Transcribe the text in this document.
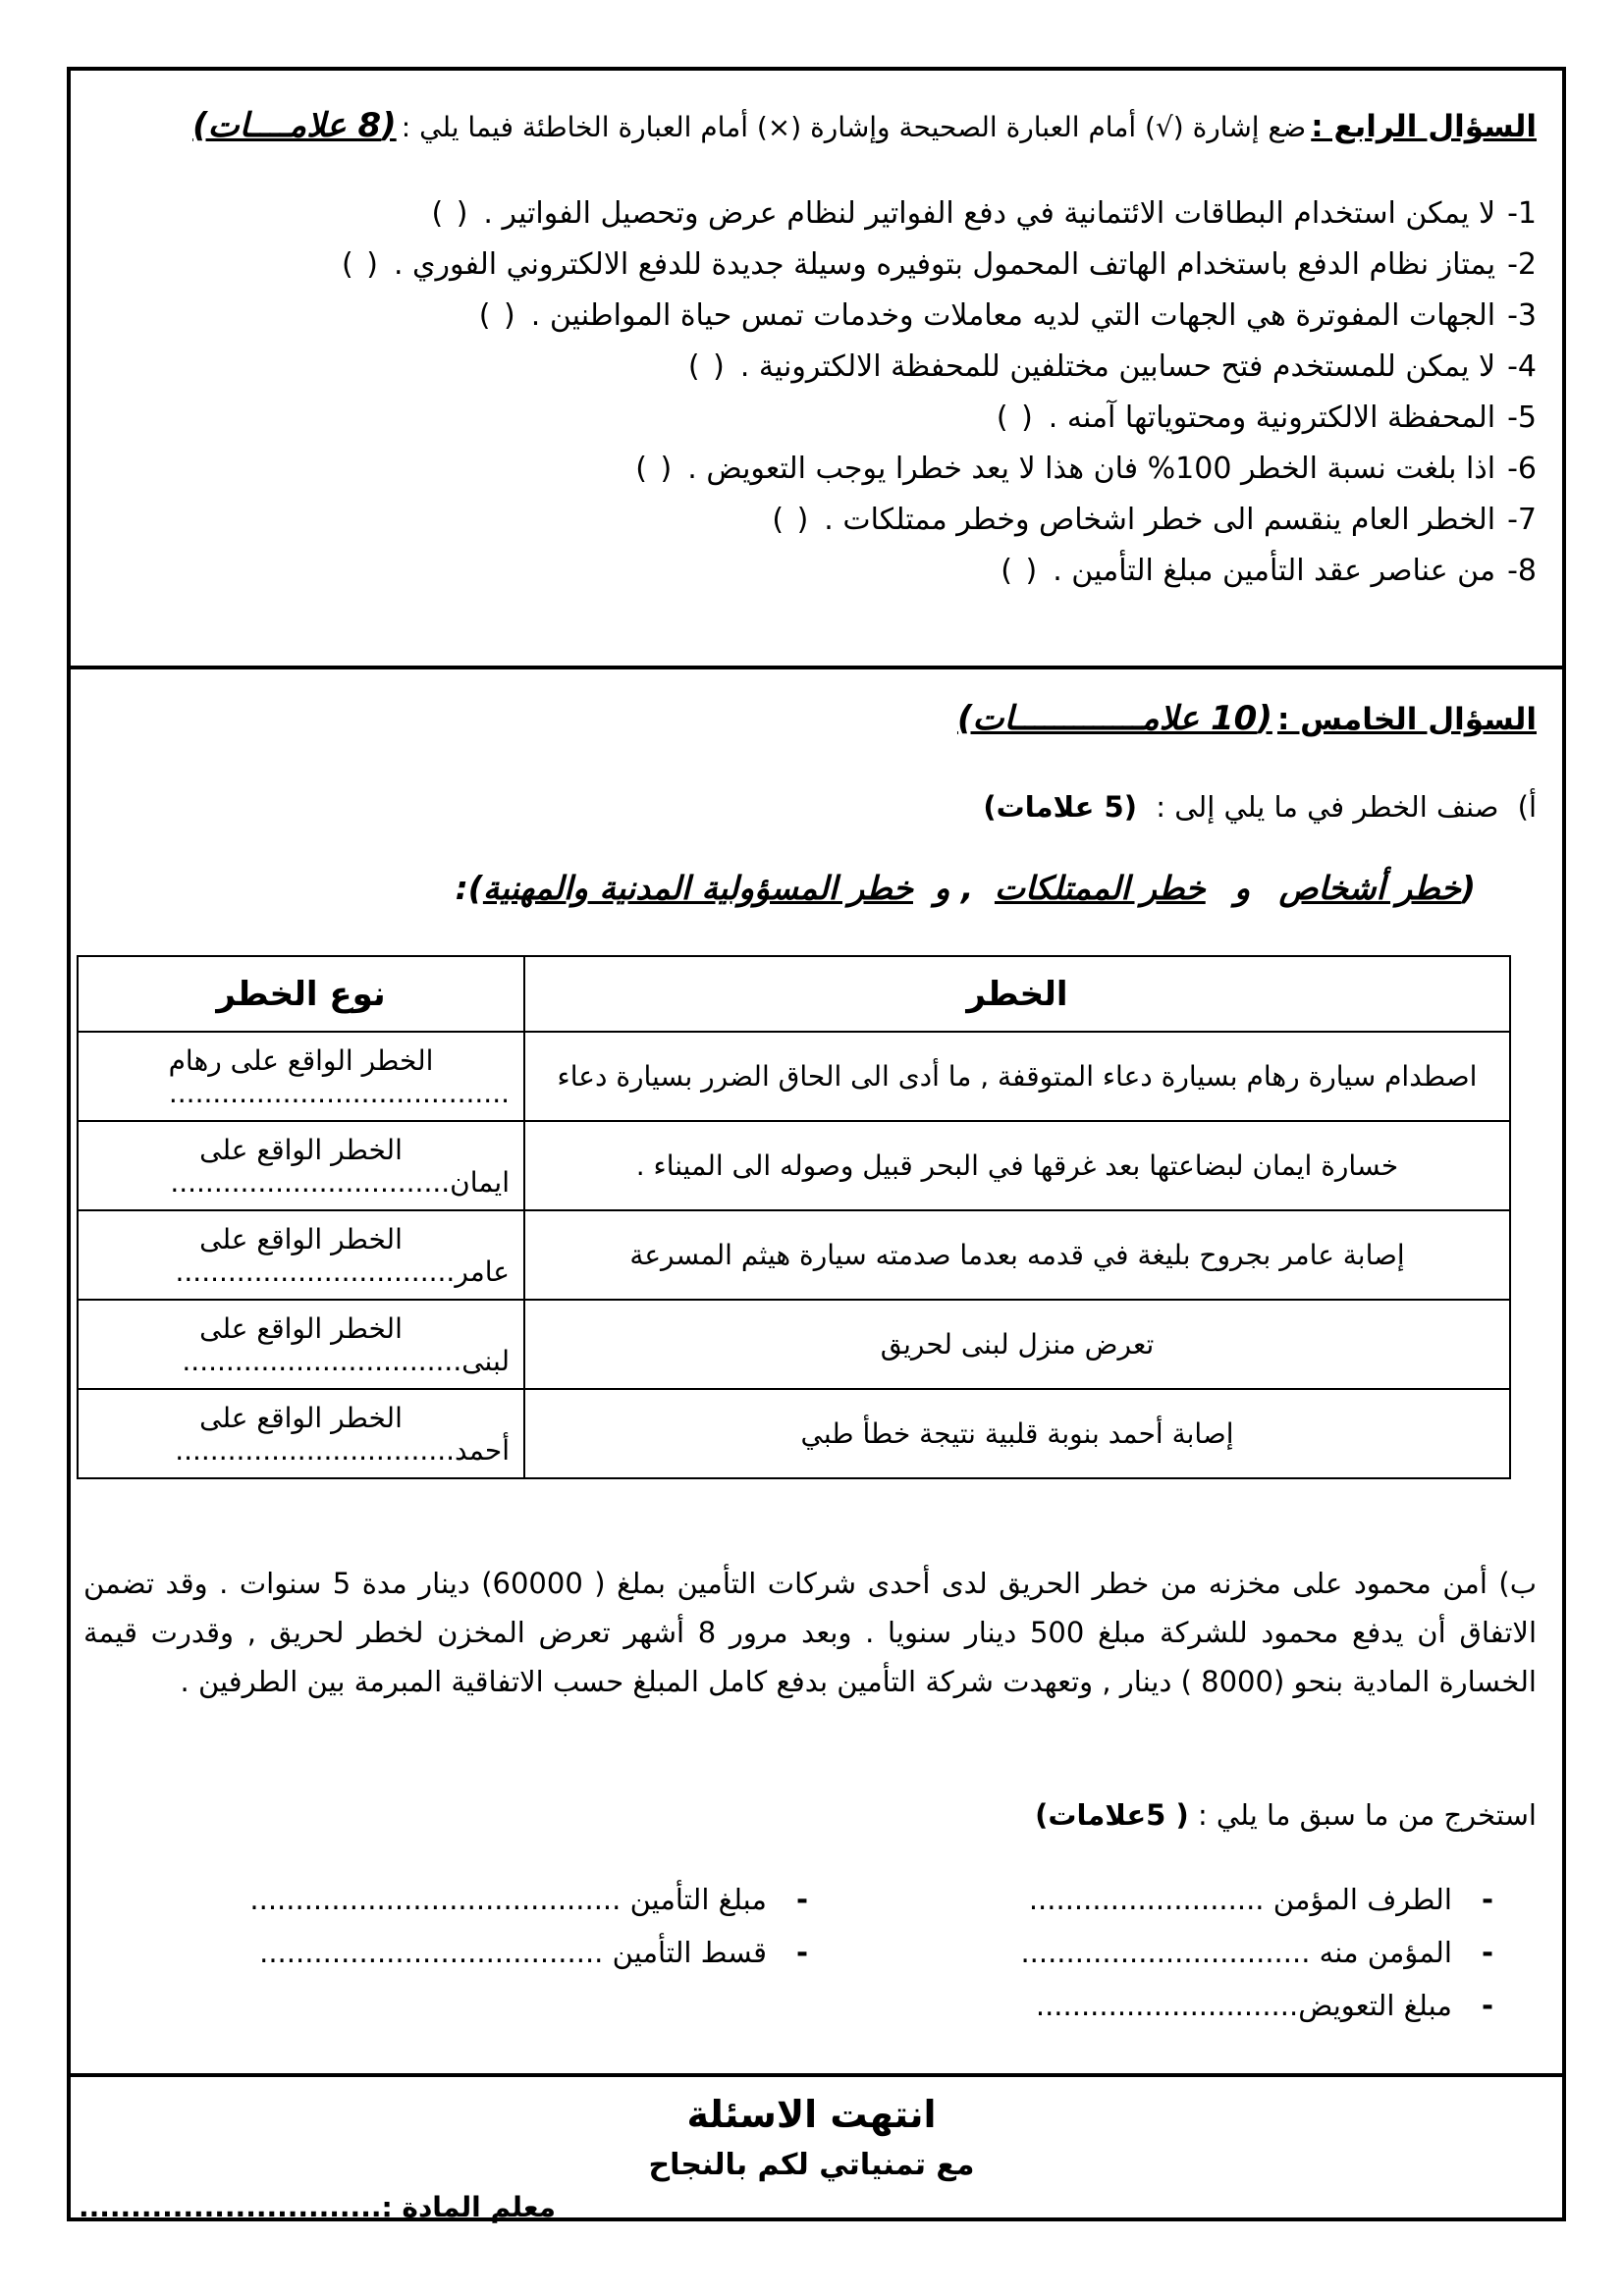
السؤال الرابع : ضع إشارة (√) أمام العبارة الصحيحة وإشارة (×) أمام العبارة الخاطئة فيما يلي : (8 علامــــات)
1-لا يمكن استخدام البطاقات الائتمانية في دفع الفواتير لنظام عرض وتحصيل الفواتير .( )
2-يمتاز نظام الدفع باستخدام الهاتف المحمول بتوفيره وسيلة جديدة للدفع الالكتروني الفوري .( )
3-الجهات المفوترة هي الجهات التي لديه معاملات وخدمات تمس حياة المواطنين .( )
4-لا يمكن للمستخدم فتح حسابين مختلفين للمحفظة الالكترونية .( )
5-المحفظة الالكترونية ومحتوياتها آمنه .( )
6-اذا بلغت نسبة الخطر 100% فان هذا لا يعد خطرا يوجب التعويض .( )
7-الخطر العام ينقسم الى خطر اشخاص وخطر ممتلكات .( )
8-من عناصر عقد التأمين مبلغ التأمين .( )
السؤال الخامس : (10 علامـــــــــــــات)
أ) صنف الخطر في ما يلي إلى : (5 علامات)
(خطر أشخاص و خطر الممتلكات , و خطر المسؤولية المدنية والمهنية):
الخطر	نوع الخطر
اصطدام سيارة رهام بسيارة دعاء المتوقفة , ما أدى الى الحاق الضرر بسيارة دعاء	الخطر الواقع على رهام
.......................................

خسارة ايمان لبضاعتها بعد غرقها في البحر قبيل وصوله الى الميناء .	الخطر الواقع على
ايمان................................

إصابة عامر بجروح بليغة في قدمه بعدما صدمته سيارة هيثم المسرعة	الخطر الواقع على
عامر................................

تعرض منزل لبنى لحريق	الخطر الواقع على
لبنى................................

إصابة أحمد بنوبة قلبية نتيجة خطأ طبي	الخطر الواقع على
أحمد................................
ب) أمن محمود على مخزنه من خطر الحريق لدى أحدى شركات التأمين بملغ ( 60000) دينار مدة 5 سنوات . وقد تضمن الاتفاق أن يدفع محمود للشركة مبلغ 500 دينار سنويا . وبعد مرور 8 أشهر تعرض المخزن لخطر لحريق , وقدرت قيمة الخسارة المادية بنحو (8000 ) دينار , وتعهدت شركة التأمين بدفع كامل المبلغ حسب الاتفاقية المبرمة بين الطرفين .
استخرج من ما سبق ما يلي : ( 5علامات)
-الطرف المؤمن ..........................
-المؤمن منه ................................
-مبلغ التعويض.............................
-مبلغ التأمين .........................................
-قسط التأمين ......................................
انتهت الاسئلة
مع تمنياتي لكم بالنجاح
معلم المادة :.............................
